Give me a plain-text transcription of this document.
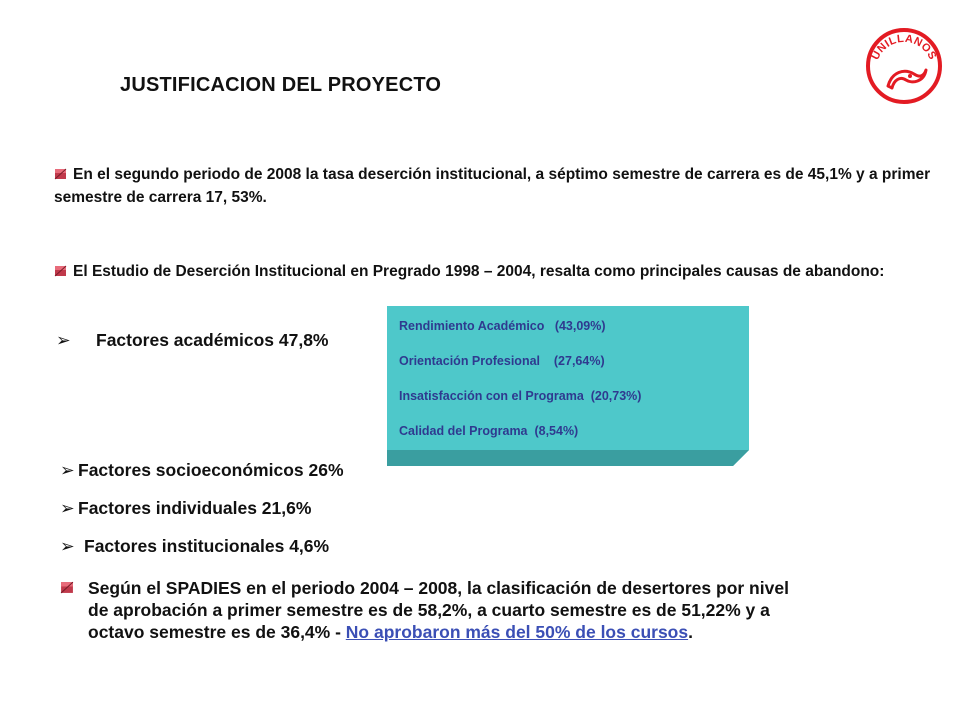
JUSTIFICACION DEL PROYECTO
UNILLANOS
En el segundo periodo de 2008 la tasa deserción institucional, a séptimo semestre de carrera es de 45,1% y a primer semestre de carrera 17, 53%.
El Estudio de Deserción Institucional en Pregrado 1998 – 2004, resalta como principales causas de abandono:
➢ Factores académicos 47,8%
Rendimiento Académico   (43,09%)
Orientación Profesional    (27,64%)
Insatisfacción con el Programa  (20,73%)
Calidad del Programa  (8,54%)
➢ Factores socioeconómicos 26%
➢ Factores individuales 21,6%
➢ Factores institucionales 4,6%
Según el SPADIES en el periodo 2004 – 2008, la clasificación de desertores por nivel
de aprobación a primer semestre es de 58,2%, a cuarto semestre es de 51,22% y a
octavo semestre es de 36,4% - No aprobaron más del 50% de los cursos.
